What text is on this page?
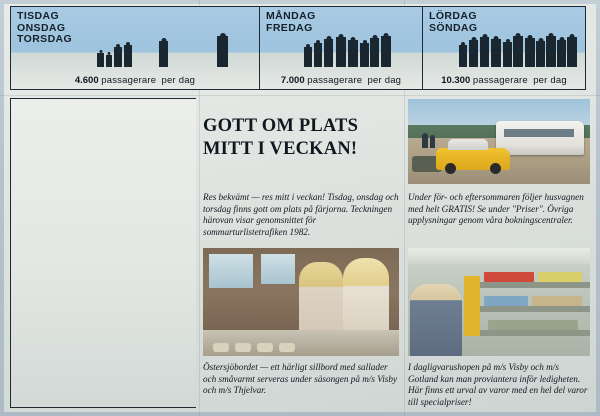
TISDAG
ONSDAG
TORSDAG
4.600 passagerare per dag
MÅNDAG
FREDAG
7.000 passagerare per dag
LÖRDAG
SÖNDAG
10.300 passagerare per dag
GOTT OM PLATS
MITT I VECKAN!
Res bekvämt — res mitt i veckan! Tisdag, onsdag och torsdag finns gott om plats på färjorna. Teckningen härovan visar genomsnittet för sommarturlistetrafiken 1982.
Under för- och eftersommaren följer husvagnen med helt GRATIS! Se under "Priser". Övriga upplysningar genom våra bokningscentraler.
Östersjöbordet — ett härligt sillbord med sallader och småvarmt serveras under säsongen på m/s Visby och m/s Thjelvar.
I dagligvarushopen på m/s Visby och m/s Gotland kan man proviantera inför ledigheten. Här finns ett urval av varor med en hel del varor till specialpriser!
